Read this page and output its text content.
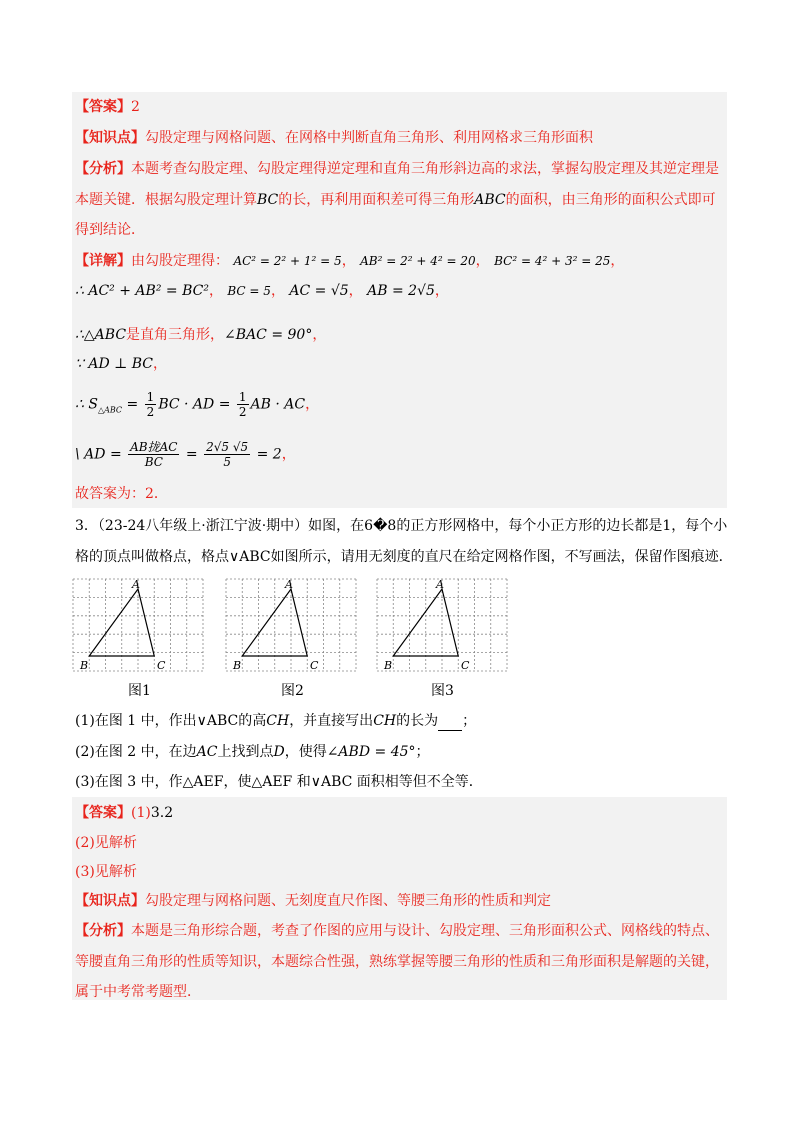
【答案】2
【知识点】勾股定理与网格问题、在网格中判断直角三角形、利用网格求三角形面积
【分析】本题考查勾股定理、勾股定理得逆定理和直角三角形斜边高的求法，掌握勾股定理及其逆定理是
本题关键．根据勾股定理计算BC的长，再利用面积差可得三角形ABC的面积，由三角形的面积公式即可
得到结论．
【详解】由勾股定理得： AC² = 2² + 1² = 5， AB² = 2² + 4² = 20， BC² = 4² + 3² = 25，
∴ AC² + AB² = BC²， BC = 5， AC = √5， AB = 2√5，
∴△ABC是直角三角形，∠BAC = 90°，
∵ AD ⊥ BC，
∴ $S_{\triangle ABC} = \frac{1}{2}$ BC · AD = $\frac{1}{2}$ AB · AC，
\ AD = $\frac{\text{AB拢AC}}{BC} = \frac{2√5 √5}{5} = 2$，
故答案为：2．
3．（23-24八年级上·浙江宁波·期中）如图，在6�8的正方形网格中，每个小正方形的边长都是1，每个小
格的顶点叫做格点，格点∨ABC如图所示，请用无刻度的直尺在给定网格作图，不写画法，保留作图痕迹．
A
B	C
A
B	C
A
B	C
图1	图2	图3
(1)在图 1 中，作出∨ABC的高CH，并直接写出CH的长为 ；
(2)在图 2 中，在边AC上找到点D，使得∠ABD = 45°；
(3)在图 3 中，作△AEF，使△AEF 和∨ABC 面积相等但不全等．
【答案】(1)3.2
(2)见解析
(3)见解析
【知识点】勾股定理与网格问题、无刻度直尺作图、等腰三角形的性质和判定
【分析】本题是三角形综合题，考查了作图的应用与设计、勾股定理、三角形面积公式、网格线的特点、
等腰直角三角形的性质等知识，本题综合性强，熟练掌握等腰三角形的性质和三角形面积是解题的关键，
属于中考常考题型．
